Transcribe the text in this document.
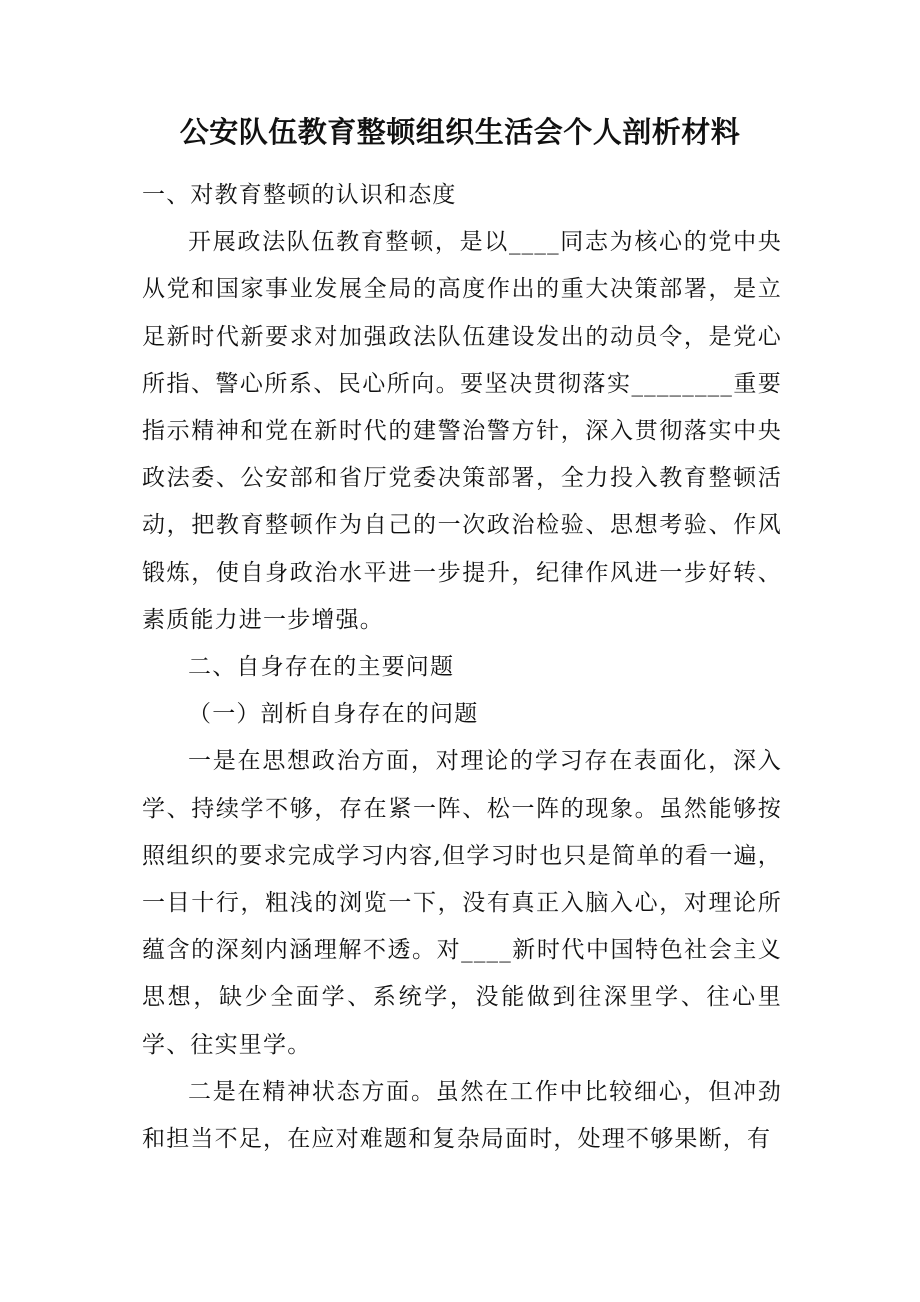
公安队伍教育整顿组织生活会个人剖析材料

一、对教育整顿的认识和态度

开展政法队伍教育整顿，是以____同志为核心的党中央从党和国家事业发展全局的高度作出的重大决策部署，是立足新时代新要求对加强政法队伍建设发出的动员令，是党心所指、警心所系、民心所向。要坚决贯彻落实________重要指示精神和党在新时代的建警治警方针，深入贯彻落实中央政法委、公安部和省厅党委决策部署，全力投入教育整顿活动，把教育整顿作为自己的一次政治检验、思想考验、作风锻炼，使自身政治水平进一步提升，纪律作风进一步好转、素质能力进一步增强。

二、自身存在的主要问题

（一）剖析自身存在的问题

一是在思想政治方面，对理论的学习存在表面化，深入学、持续学不够，存在紧一阵、松一阵的现象。虽然能够按照组织的要求完成学习内容,但学习时也只是简单的看一遍，一目十行，粗浅的浏览一下，没有真正入脑入心，对理论所蕴含的深刻内涵理解不透。对____新时代中国特色社会主义思想，缺少全面学、系统学，没能做到往深里学、往心里学、往实里学。

二是在精神状态方面。虽然在工作中比较细心，但冲劲和担当不足，在应对难题和复杂局面时，处理不够果断，有
